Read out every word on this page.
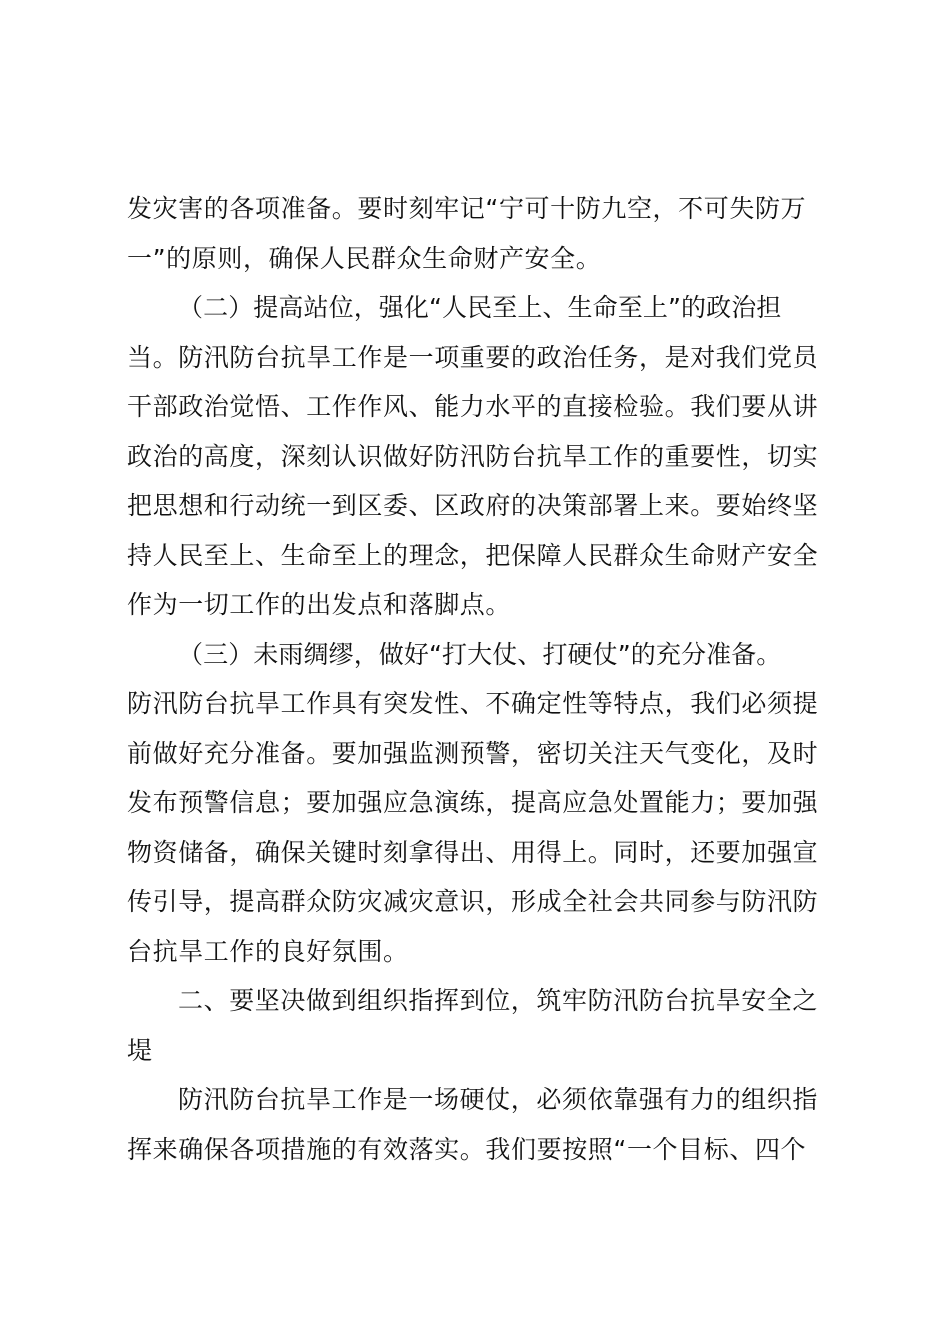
发灾害的各项准备。要时刻牢记“宁可十防九空，不可失防万
一”的原则，确保人民群众生命财产安全。
（二）提高站位，强化“人民至上、生命至上”的政治担
当。防汛防台抗旱工作是一项重要的政治任务，是对我们党员
干部政治觉悟、工作作风、能力水平的直接检验。我们要从讲
政治的高度，深刻认识做好防汛防台抗旱工作的重要性，切实
把思想和行动统一到区委、区政府的决策部署上来。要始终坚
持人民至上、生命至上的理念，把保障人民群众生命财产安全
作为一切工作的出发点和落脚点。
（三）未雨绸缪，做好“打大仗、打硬仗”的充分准备。
防汛防台抗旱工作具有突发性、不确定性等特点，我们必须提
前做好充分准备。要加强监测预警，密切关注天气变化，及时
发布预警信息；要加强应急演练，提高应急处置能力；要加强
物资储备，确保关键时刻拿得出、用得上。同时，还要加强宣
传引导，提高群众防灾减灾意识，形成全社会共同参与防汛防
台抗旱工作的良好氛围。
二、要坚决做到组织指挥到位，筑牢防汛防台抗旱安全之
堤
防汛防台抗旱工作是一场硬仗，必须依靠强有力的组织指
挥来确保各项措施的有效落实。我们要按照“一个目标、四个
